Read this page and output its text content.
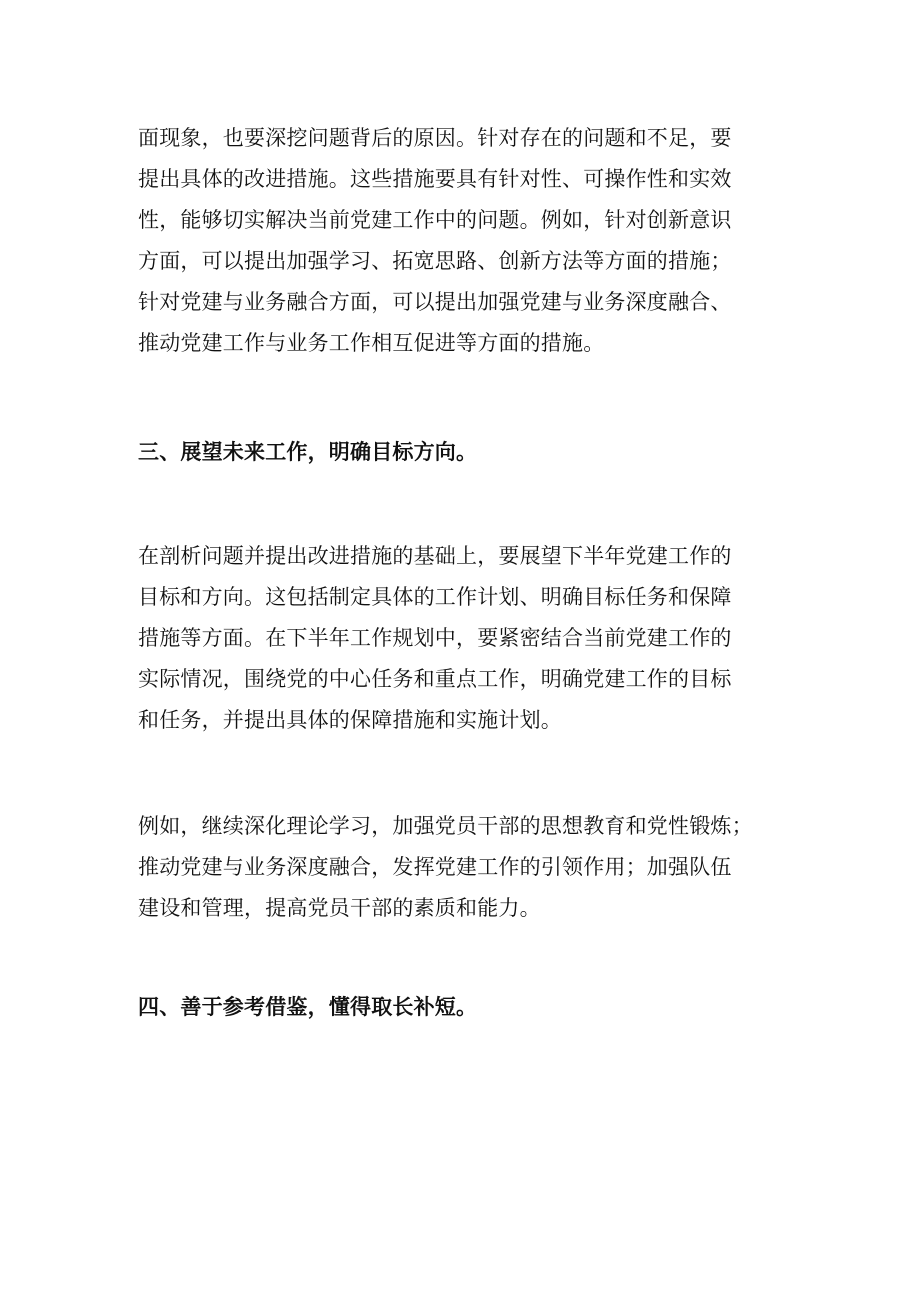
面现象，也要深挖问题背后的原因。针对存在的问题和不足，要
提出具体的改进措施。这些措施要具有针对性、可操作性和实效
性，能够切实解决当前党建工作中的问题。例如，针对创新意识
方面，可以提出加强学习、拓宽思路、创新方法等方面的措施；
针对党建与业务融合方面，可以提出加强党建与业务深度融合、
推动党建工作与业务工作相互促进等方面的措施。

三、展望未来工作，明确目标方向。

在剖析问题并提出改进措施的基础上，要展望下半年党建工作的
目标和方向。这包括制定具体的工作计划、明确目标任务和保障
措施等方面。在下半年工作规划中，要紧密结合当前党建工作的
实际情况，围绕党的中心任务和重点工作，明确党建工作的目标
和任务，并提出具体的保障措施和实施计划。

例如，继续深化理论学习，加强党员干部的思想教育和党性锻炼；
推动党建与业务深度融合，发挥党建工作的引领作用；加强队伍
建设和管理，提高党员干部的素质和能力。

四、善于参考借鉴，懂得取长补短。
